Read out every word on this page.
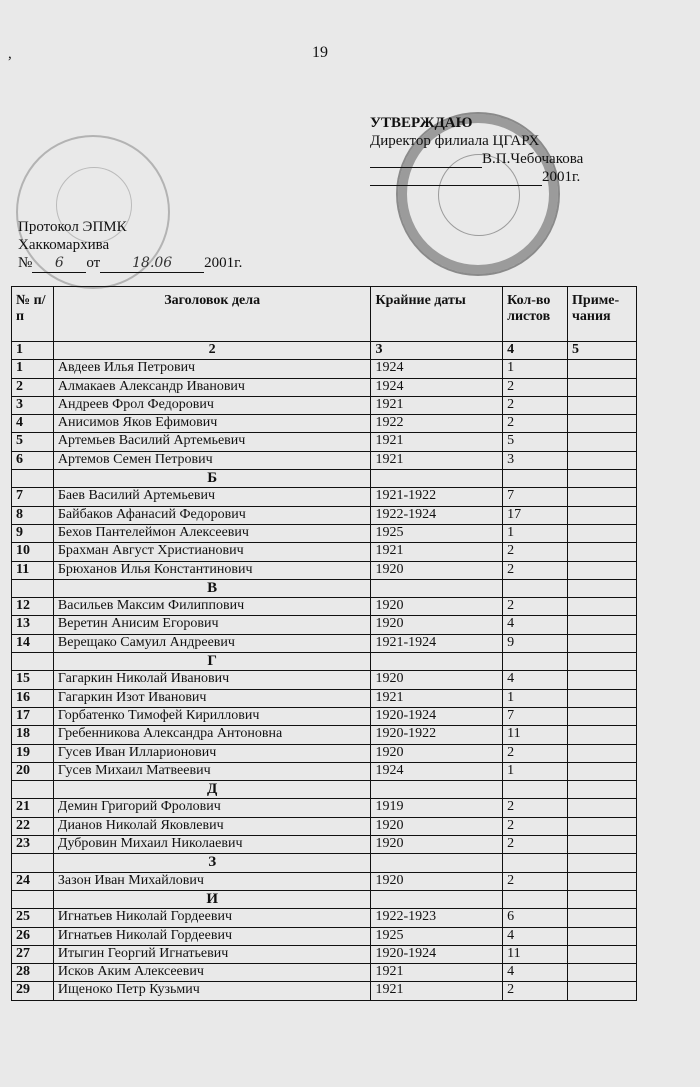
,	19
УТВЕРЖДАЮ
Директор филиала ЦГАРХ
В.П.Чебочакова
2001г.
Протокол ЭПМК
Хаккомархива
№ 6 от 18.06 2001г.
№ п/п	Заголовок дела	Крайние даты	Кол-во листов	Приме-чания
1	2	3	4	5
1	Авдеев Илья Петрович	1924	1	
2	Алмакаев Александр Иванович	1924	2	
3	Андреев Фрол Федорович	1921	2	
4	Анисимов Яков Ефимович	1922	2	
5	Артемьев Василий Артемьевич	1921	5	
6	Артемов Семен Петрович	1921	3	
	Б			
7	Баев Василий Артемьевич	1921-1922	7	
8	Байбаков Афанасий Федорович	1922-1924	17	
9	Бехов Пантелеймон Алексеевич	1925	1	
10	Брахман Август Христианович	1921	2	
11	Брюханов Илья Константинович	1920	2	
	В			
12	Васильев Максим Филиппович	1920	2	
13	Веретин Анисим Егорович	1920	4	
14	Верещако Самуил Андреевич	1921-1924	9	
	Г			
15	Гагаркин Николай Иванович	1920	4	
16	Гагаркин Изот Иванович	1921	1	
17	Горбатенко Тимофей Кириллович	1920-1924	7	
18	Гребенникова Александра Антоновна	1920-1922	11	
19	Гусев Иван Илларионович	1920	2	
20	Гусев Михаил Матвеевич	1924	1	
	Д			
21	Демин Григорий Фролович	1919	2	
22	Дианов Николай Яковлевич	1920	2	
23	Дубровин Михаил Николаевич	1920	2	
	З			
24	Зазон Иван Михайлович	1920	2	
	И			
25	Игнатьев Николай Гордеевич	1922-1923	6	
26	Игнатьев Николай Гордеевич	1925	4	
27	Итыгин Георгий Игнатьевич	1920-1924	11	
28	Исков Аким Алексеевич	1921	4	
29	Ищеноко Петр Кузьмич	1921	2	
